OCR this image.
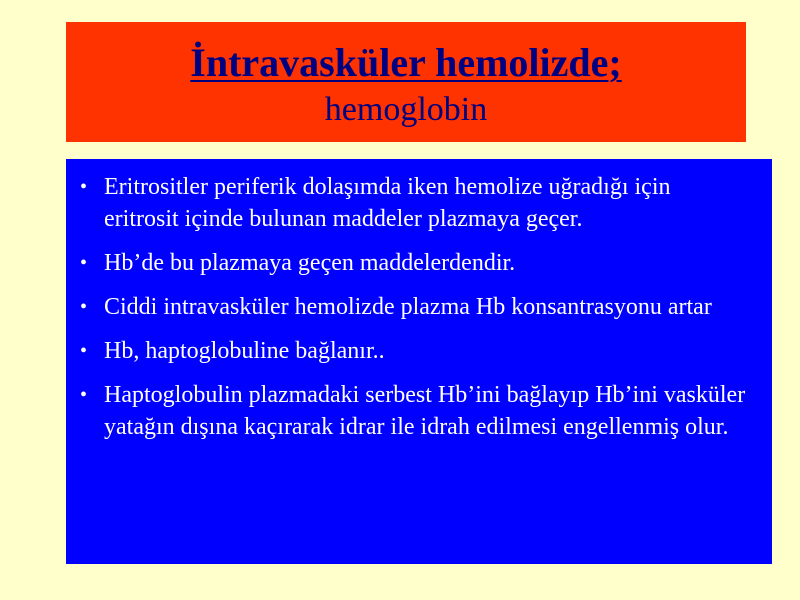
İntravasküler hemolizde;
hemoglobin
• Eritrositler periferik dolaşımda iken hemolize uğradığı için eritrosit içinde bulunan maddeler plazmaya geçer.
• Hb’de bu plazmaya geçen maddelerdendir.
• Ciddi intravasküler hemolizde plazma Hb konsantrasyonu artar
• Hb, haptoglobuline bağlanır..
• Haptoglobulin plazmadaki serbest Hb’ini bağlayıp Hb’ini vasküler yatağın dışına kaçırarak idrar ile idrah edilmesi engellenmiş olur.
